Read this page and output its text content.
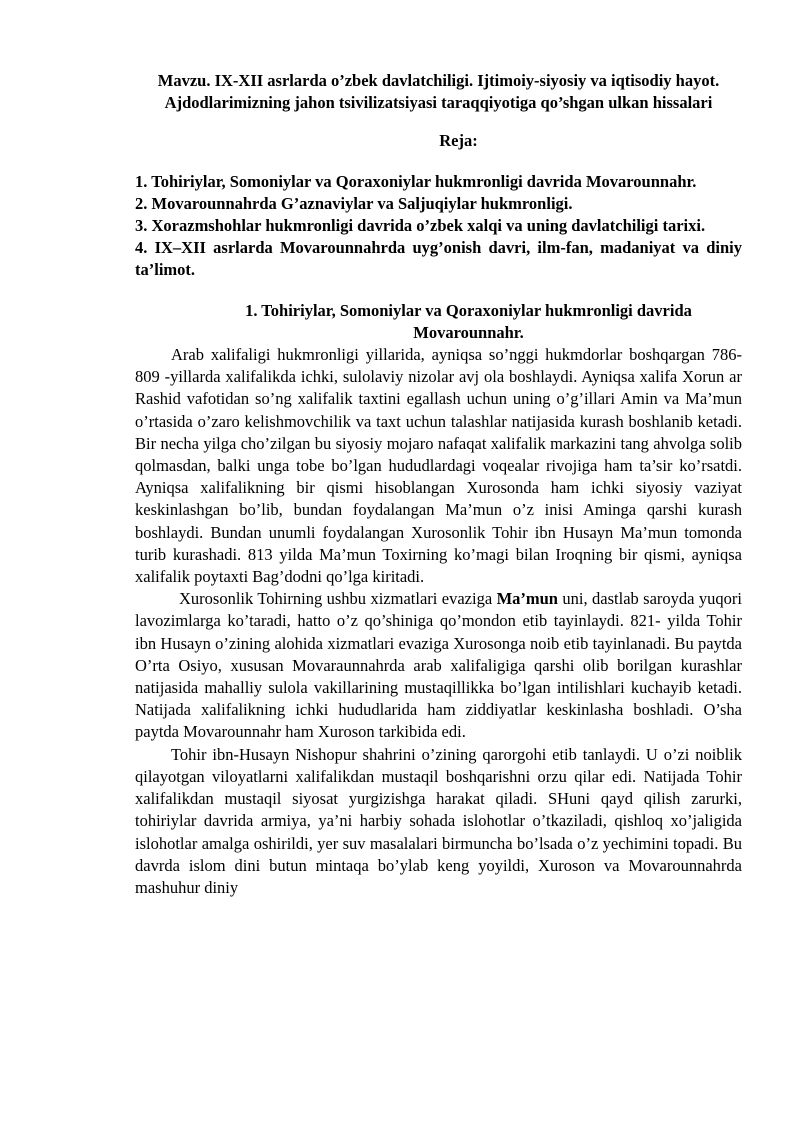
Mavzu. IX-XII asrlarda o’zbek davlatchiligi. Ijtimoiy-siyosiy va iqtisodiy hayot. Ajdodlarimizning jahon tsivilizatsiyasi taraqqiyotiga qo’shgan ulkan hissalari

Reja:

1. Tohiriylar, Somoniylar va Qoraxoniylar hukmronligi davrida Movarounnahr.
2. Movarounnahrda G’aznaviylar va Saljuqiylar hukmronligi.
3. Xorazmshohlar hukmronligi davrida o’zbek xalqi va uning davlatchiligi tarixi.
4. IX–XII asrlarda Movarounnahrda uyg’onish davri, ilm-fan, madaniyat va diniy ta’limot.

1. Tohiriylar, Somoniylar va Qoraxoniylar hukmronligi davrida Movarounnahr.

Arab xalifaligi hukmronligi yillarida, ayniqsa so’nggi hukmdorlar boshqargan 786-809 -yillarda xalifalikda ichki, sulolaviy nizolar avj ola boshlaydi. Ayniqsa xalifa Xorun ar Rashid vafotidan so’ng xalifalik taxtini egallash uchun uning o’g’illari Amin va Ma’mun o’rtasida o’zaro kelishmovchilik va taxt uchun talashlar natijasida kurash boshlanib ketadi. Bir necha yilga cho’zilgan bu siyosiy mojaro nafaqat xalifalik markazini tang ahvolga solib qolmasdan, balki unga tobe bo’lgan hududlardagi voqealar rivojiga ham ta’sir ko’rsatdi. Ayniqsa xalifalikning bir qismi hisoblangan Xurosonda ham ichki siyosiy vaziyat keskinlashgan bo’lib, bundan foydalangan Ma’mun o’z inisi Aminga qarshi kurash boshlaydi. Bundan unumli foydalangan Xurosonlik Tohir ibn Husayn Ma’mun tomonda turib kurashadi. 813 yilda Ma’mun Toxirning ko’magi bilan Iroqning bir qismi, ayniqsa xalifalik poytaxti Bag’dodni qo’lga kiritadi.

Xurosonlik Tohirning ushbu xizmatlari evaziga Ma’mun uni, dastlab saroyda yuqori lavozimlarga ko’taradi, hatto o’z qo’shiniga qo’mondon etib tayinlaydi. 821- yilda Tohir ibn Husayn o’zining alohida xizmatlari evaziga Xurosonga noib etib tayinlanadi. Bu paytda O’rta Osiyo, xususan Movaraunnahrda arab xalifaligiga qarshi olib borilgan kurashlar natijasida mahalliy sulola vakillarining mustaqillikka bo’lgan intilishlari kuchayib ketadi. Natijada xalifalikning ichki hududlarida ham ziddiyatlar keskinlasha boshladi. O’sha paytda Movarounnahr ham Xuroson tarkibida edi.

Tohir ibn-Husayn Nishopur shahrini o’zining qarorgohi etib tanlaydi. U o’zi noiblik qilayotgan viloyatlarni xalifalikdan mustaqil boshqarishni orzu qilar edi. Natijada Tohir xalifalikdan mustaqil siyosat yurgizishga harakat qiladi. SHuni qayd qilish zarurki, tohiriylar davrida armiya, ya’ni harbiy sohada islohotlar o’tkaziladi, qishloq xo’jaligida islohotlar amalga oshirildi, yer suv masalalari birmuncha bo’lsada o’z yechimini topadi. Bu davrda islom dini butun mintaqa bo’ylab keng yoyildi, Xuroson va Movarounnahrda mashuhur diniy
